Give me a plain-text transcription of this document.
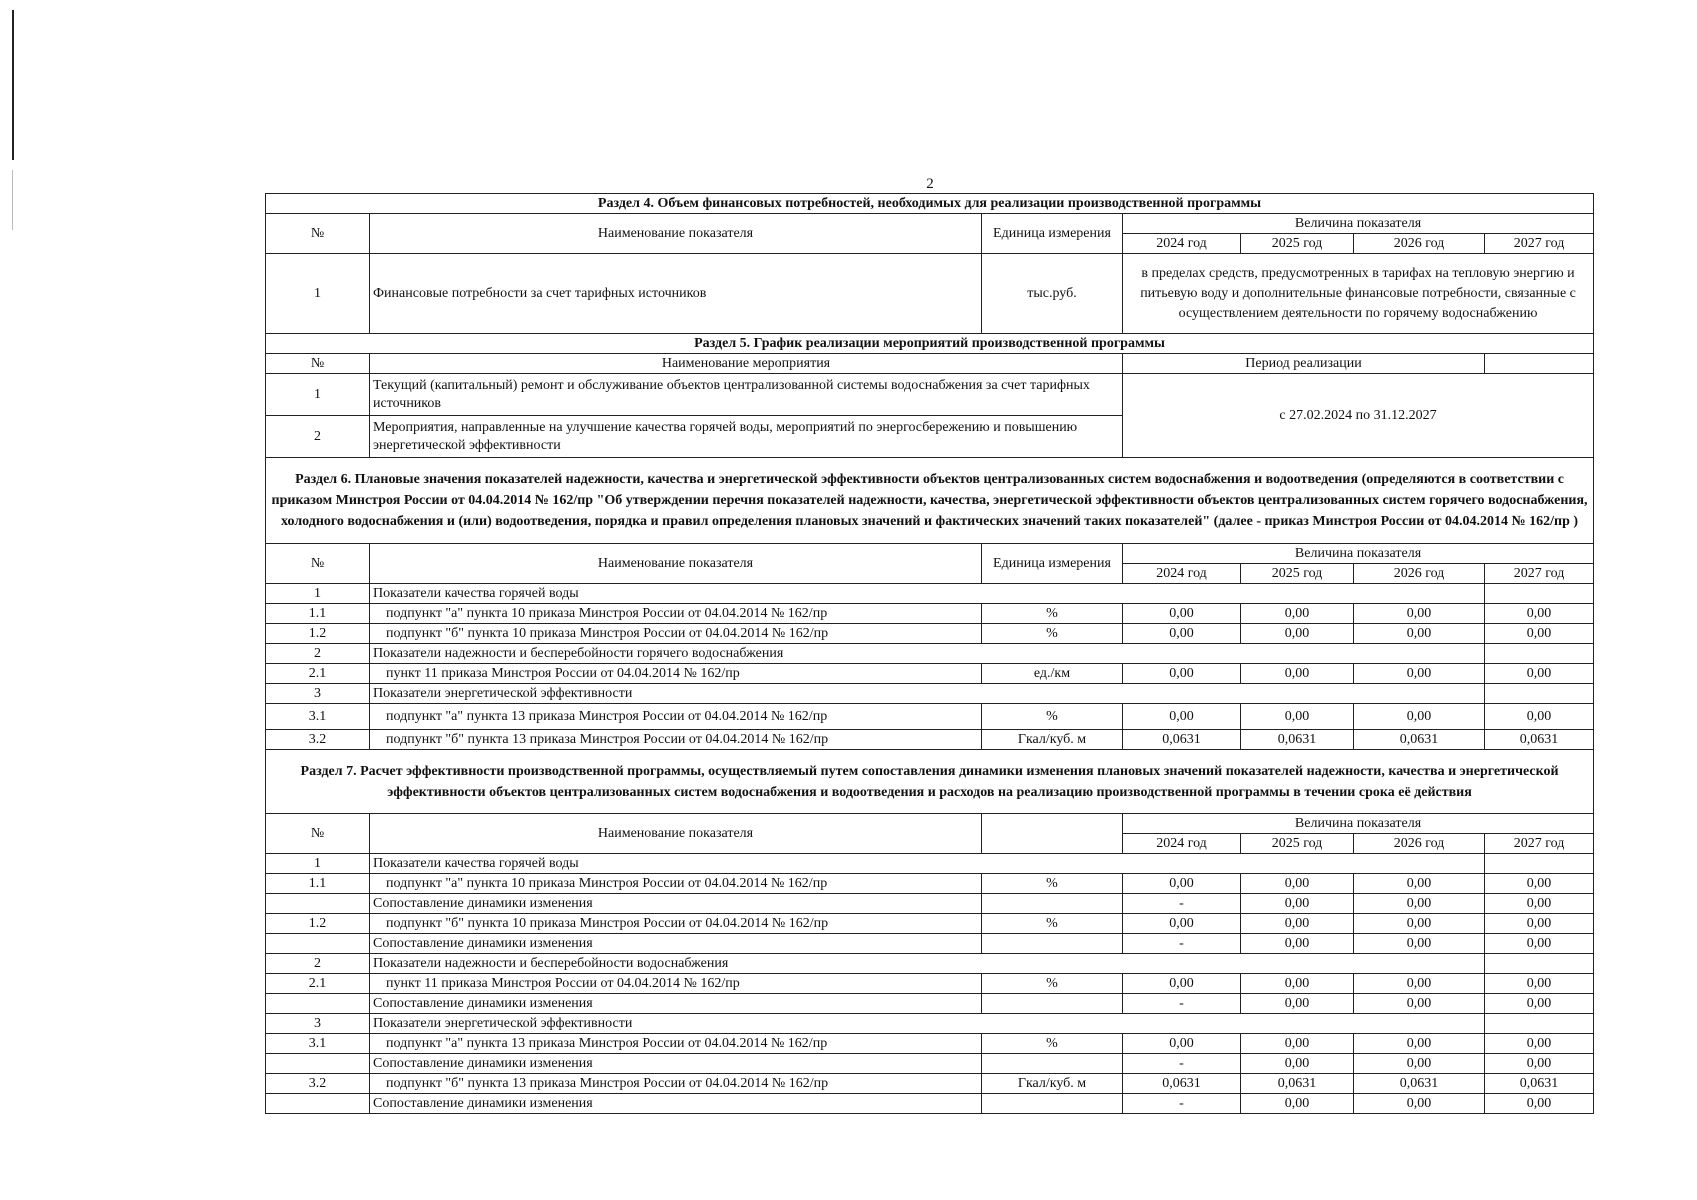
2
Раздел 4. Объем финансовых потребностей, необходимых для реализации производственной программы						
№	Наименование показателя	Единица измерения	Величина показателя			
			2024 год	2025 год	2026 год	2027 год
1	Финансовые потребности за счет тарифных источников	тыс.руб.	в пределах средств, предусмотренных в тарифах на тепловую энергию и питьевую воду и дополнительные финансовые потребности, связанные с осуществлением деятельности по горячему водоснабжению			
Раздел 5. График реализации мероприятий производственной программы						
№	Наименование мероприятия		Период реализации			
1	Текущий (капитальный) ремонт и обслуживание объектов централизованной системы водоснабжения за счет тарифных источников		с 27.02.2024 по 31.12.2027			
2	Мероприятия, направленные на улучшение качества горячей воды, мероприятий по энергосбережению и повышению энергетической эффективности					
Раздел 6. Плановые значения показателей надежности, качества и энергетической эффективности объектов централизованных систем водоснабжения и водоотведения (определяются в соответствии с приказом Минстроя России от 04.04.2014 № 162/пр "Об утверждении перечня показателей надежности, качества, энергетической эффективности объектов централизованных систем горячего водоснабжения, холодного водоснабжения и (или) водоотведения, порядка и правил определения плановых значений и фактических значений таких показателей" (далее - приказ Минстроя России от 04.04.2014 № 162/пр )						
№	Наименование показателя	Единица измерения	Величина показателя			
			2024 год	2025 год	2026 год	2027 год
1	Показатели качества горячей воды					
1.1	подпункт "а" пункта 10 приказа Минстроя России от 04.04.2014 № 162/пр	%	0,00	0,00	0,00	0,00
1.2	подпункт "б" пункта 10 приказа Минстроя России от 04.04.2014 № 162/пр	%	0,00	0,00	0,00	0,00
2	Показатели надежности и бесперебойности горячего водоснабжения					
2.1	пункт 11 приказа Минстроя России от 04.04.2014 № 162/пр	ед./км	0,00	0,00	0,00	0,00
3	Показатели энергетической эффективности					
3.1	подпункт "а" пункта 13 приказа Минстроя России от 04.04.2014 № 162/пр	%	0,00	0,00	0,00	0,00
3.2	подпункт "б" пункта 13 приказа Минстроя России от 04.04.2014 № 162/пр	Гкал/куб. м	0,0631	0,0631	0,0631	0,0631
Раздел 7. Расчет эффективности производственной программы, осуществляемый путем сопоставления динамики изменения плановых значений показателей надежности, качества и энергетической эффективности объектов централизованных систем водоснабжения и водоотведения и расходов на реализацию производственной программы в течении срока её действия						
№	Наименование показателя		Величина показателя			
			2024 год	2025 год	2026 год	2027 год
1	Показатели качества горячей воды					
1.1	подпункт "а" пункта 10 приказа Минстроя России от 04.04.2014 № 162/пр	%	0,00	0,00	0,00	0,00
	Сопоставление динамики изменения		-	0,00	0,00	0,00
1.2	подпункт "б" пункта 10 приказа Минстроя России от 04.04.2014 № 162/пр	%	0,00	0,00	0,00	0,00
	Сопоставление динамики изменения		-	0,00	0,00	0,00
2	Показатели надежности и бесперебойности водоснабжения					
2.1	пункт 11 приказа Минстроя России от 04.04.2014 № 162/пр	%	0,00	0,00	0,00	0,00
	Сопоставление динамики изменения		-	0,00	0,00	0,00
3	Показатели энергетической эффективности					
3.1	подпункт "а" пункта 13 приказа Минстроя России от 04.04.2014 № 162/пр	%	0,00	0,00	0,00	0,00
	Сопоставление динамики изменения		-	0,00	0,00	0,00
3.2	подпункт "б" пункта 13 приказа Минстроя России от 04.04.2014 № 162/пр	Гкал/куб. м	0,0631	0,0631	0,0631	0,0631
	Сопоставление динамики изменения		-	0,00	0,00	0,00
